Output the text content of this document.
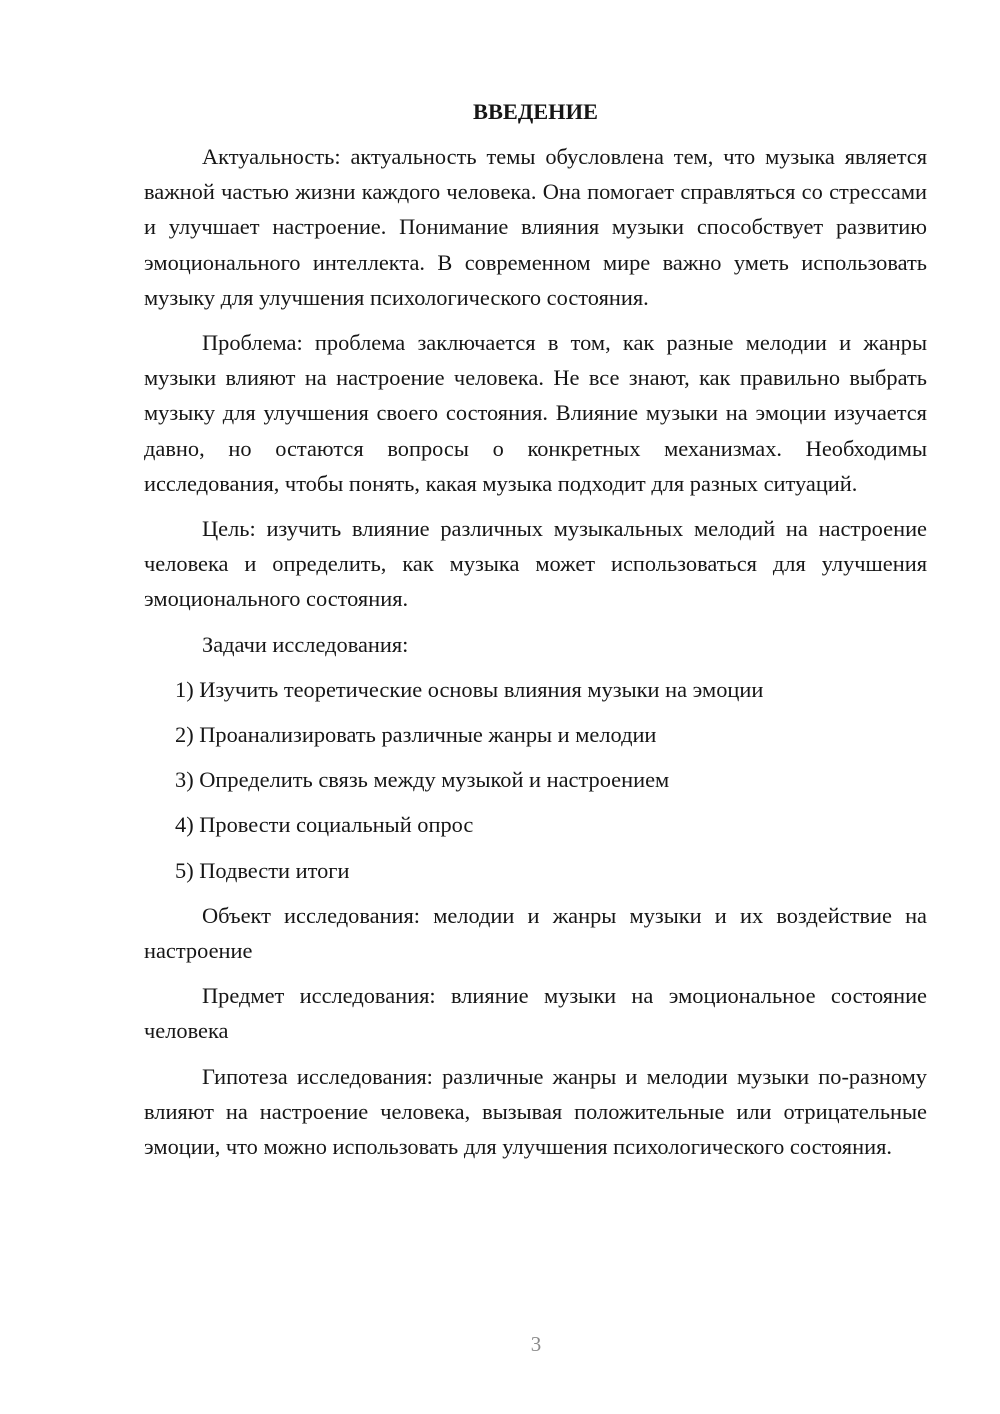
ВВЕДЕНИЕ

Актуальность: актуальность темы обусловлена тем, что музыка является важной частью жизни каждого человека. Она помогает справляться со стрессами и улучшает настроение. Понимание влияния музыки способствует развитию эмоционального интеллекта. В современном мире важно уметь использовать музыку для улучшения психологического состояния.

Проблема: проблема заключается в том, как разные мелодии и жанры музыки влияют на настроение человека. Не все знают, как правильно выбрать музыку для улучшения своего состояния. Влияние музыки на эмоции изучается давно, но остаются вопросы о конкретных механизмах. Необходимы исследования, чтобы понять, какая музыка подходит для разных ситуаций.

Цель: изучить влияние различных музыкальных мелодий на настроение человека и определить, как музыка может использоваться для улучшения эмоционального состояния.

Задачи исследования:

1) Изучить теоретические основы влияния музыки на эмоции
2) Проанализировать различные жанры и мелодии
3) Определить связь между музыкой и настроением
4) Провести социальный опрос
5) Подвести итоги

Объект исследования: мелодии и жанры музыки и их воздействие на настроение

Предмет исследования: влияние музыки на эмоциональное состояние человека

Гипотеза исследования: различные жанры и мелодии музыки по-разному влияют на настроение человека, вызывая положительные или отрицательные эмоции, что можно использовать для улучшения психологического состояния.

3
